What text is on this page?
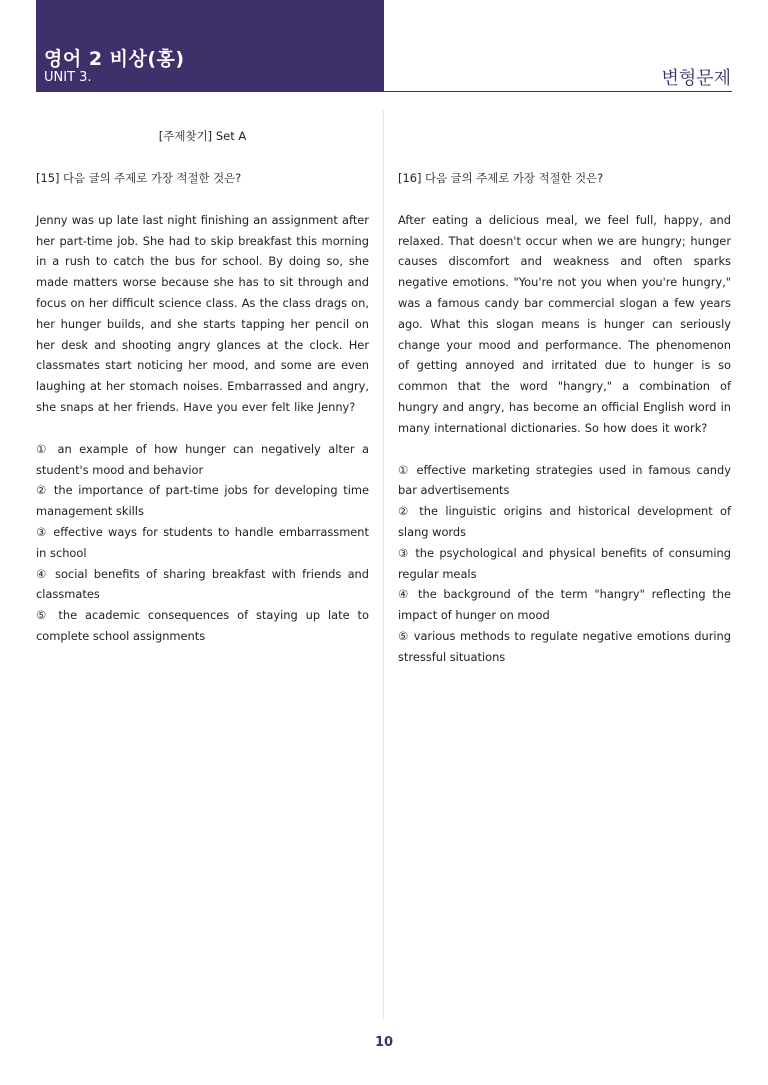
영어 2 비상(홍)
UNIT 3.	변형문제
[주제찾기] Set A

[15] 다음 글의 주제로 가장 적절한 것은?

Jenny was up late last night finishing an assignment after her part-time job. She had to skip breakfast this morning in a rush to catch the bus for school. By doing so, she made matters worse because she has to sit through and focus on her difficult science class. As the class drags on, her hunger builds, and she starts tapping her pencil on her desk and shooting angry glances at the clock. Her classmates start noticing her mood, and some are even laughing at her stomach noises. Embarrassed and angry, she snaps at her friends. Have you ever felt like Jenny?

① an example of how hunger can negatively alter a student's mood and behavior
② the importance of part-time jobs for developing time management skills
③ effective ways for students to handle embarrassment in school
④ social benefits of sharing breakfast with friends and classmates
⑤ the academic consequences of staying up late to complete school assignments

[16] 다음 글의 주제로 가장 적절한 것은?

After eating a delicious meal, we feel full, happy, and relaxed. That doesn't occur when we are hungry; hunger causes discomfort and weakness and often sparks negative emotions. "You're not you when you're hungry," was a famous candy bar commercial slogan a few years ago. What this slogan means is hunger can seriously change your mood and performance. The phenomenon of getting annoyed and irritated due to hunger is so common that the word "hangry," a combination of hungry and angry, has become an official English word in many international dictionaries. So how does it work?

① effective marketing strategies used in famous candy bar advertisements
② the linguistic origins and historical development of slang words
③ the psychological and physical benefits of consuming regular meals
④ the background of the term "hangry" reflecting the impact of hunger on mood
⑤ various methods to regulate negative emotions during stressful situations
10
